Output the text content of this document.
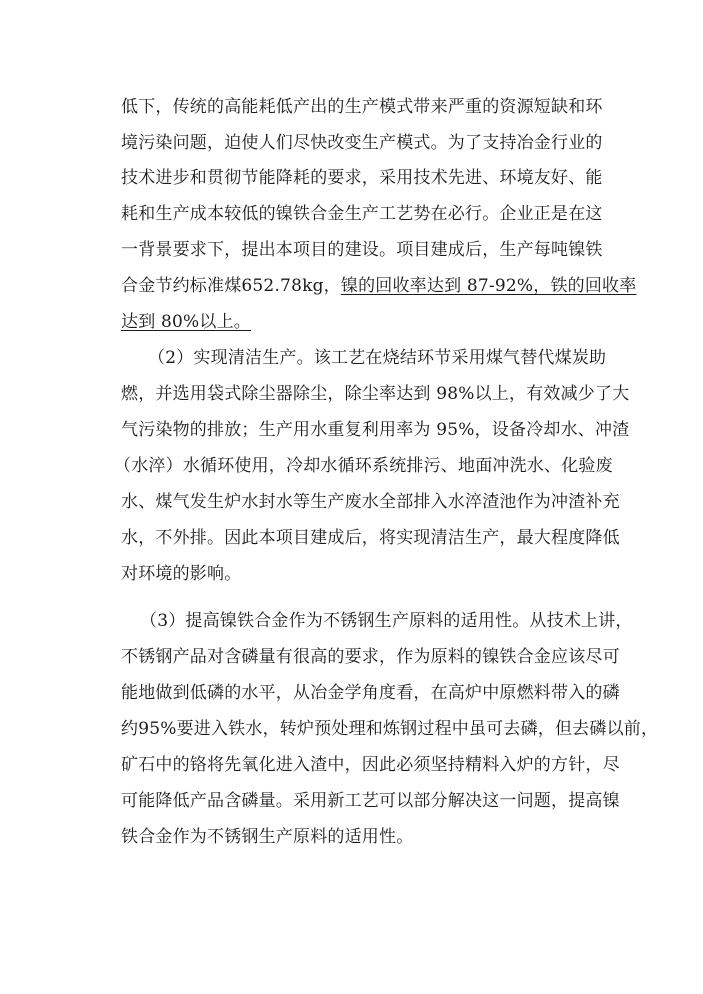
低下，传统的高能耗低产出的生产模式带来严重的资源短缺和环
境污染问题，迫使人们尽快改变生产模式。为了支持冶金行业的
技术进步和贯彻节能降耗的要求，采用技术先进、环境友好、能
耗和生产成本较低的镍铁合金生产工艺势在必行。企业正是在这
一背景要求下，提出本项目的建设。项目建成后，生产每吨镍铁
合金节约标准煤652.78kg，镍的回收率达到 87-92%，铁的回收率
达到 80%以上。
（2）实现清洁生产。该工艺在烧结环节采用煤气替代煤炭助
燃，并选用袋式除尘器除尘，除尘率达到 98%以上，有效减少了大
气污染物的排放；生产用水重复利用率为 95%，设备冷却水、冲渣
（水淬）水循环使用，冷却水循环系统排污、地面冲洗水、化验废
水、煤气发生炉水封水等生产废水全部排入水淬渣池作为冲渣补充
水，不外排。因此本项目建成后，将实现清洁生产，最大程度降低
对环境的影响。
（3）提高镍铁合金作为不锈钢生产原料的适用性。从技术上讲，
不锈钢产品对含磷量有很高的要求，作为原料的镍铁合金应该尽可
能地做到低磷的水平，从冶金学角度看，在高炉中原燃料带入的磷
约95%要进入铁水，转炉预处理和炼钢过程中虽可去磷，但去磷以前，
矿石中的铬将先氧化进入渣中，因此必须坚持精料入炉的方针，尽
可能降低产品含磷量。采用新工艺可以部分解决这一问题，提高镍
铁合金作为不锈钢生产原料的适用性。
